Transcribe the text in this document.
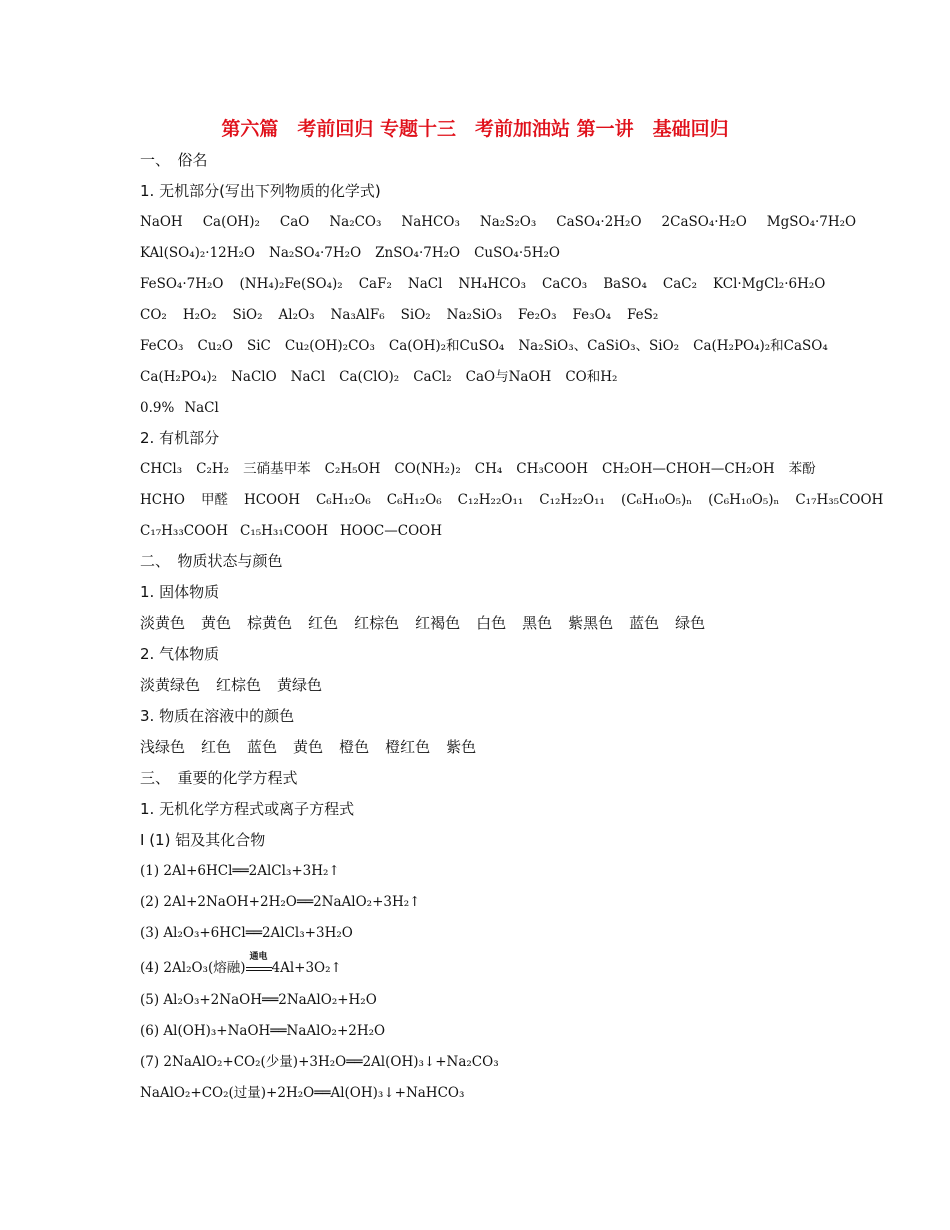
第六篇　考前回归 专题十三　考前加油站 第一讲　基础回归
一、　俗名
1. 无机部分(写出下列物质的化学式)
NaOH Ca(OH)₂ CaO Na₂CO₃ NaHCO₃ Na₂S₂O₃ CaSO₄·2H₂O 2CaSO₄·H₂O MgSO₄·7H₂O
KAl(SO₄)₂·12H₂O Na₂SO₄·7H₂O ZnSO₄·7H₂O CuSO₄·5H₂O
FeSO₄·7H₂O (NH₄)₂Fe(SO₄)₂ CaF₂ NaCl NH₄HCO₃ CaCO₃ BaSO₄ CaC₂ KCl·MgCl₂·6H₂O
CO₂ H₂O₂ SiO₂ Al₂O₃ Na₃AlF₆ SiO₂ Na₂SiO₃ Fe₂O₃ Fe₃O₄ FeS₂
FeCO₃ Cu₂O SiC Cu₂(OH)₂CO₃ Ca(OH)₂和CuSO₄ Na₂SiO₃、CaSiO₃、SiO₂ Ca(H₂PO₄)₂和CaSO₄
Ca(H₂PO₄)₂ NaClO NaCl Ca(ClO)₂ CaCl₂ CaO与NaOH CO和H₂
0.9% NaCl
2. 有机部分
CHCl₃ C₂H₂ 三硝基甲苯 C₂H₅OH CO(NH₂)₂ CH₄ CH₃COOH CH₂OH—CHOH—CH₂OH 苯酚
HCHO 甲醛 HCOOH C₆H₁₂O₆ C₆H₁₂O₆ C₁₂H₂₂O₁₁ C₁₂H₂₂O₁₁ (C₆H₁₀O₅)ₙ (C₆H₁₀O₅)ₙ C₁₇H₃₅COOH
C₁₇H₃₃COOH C₁₅H₃₁COOH HOOC—COOH
二、　物质状态与颜色
1. 固体物质
淡黄色 黄色 棕黄色 红色 红棕色 红褐色 白色 黑色 紫黑色 蓝色 绿色
2. 气体物质
淡黄绿色 红棕色 黄绿色
3. 物质在溶液中的颜色
浅绿色 红色 蓝色 黄色 橙色 橙红色 紫色
三、　重要的化学方程式
1. 无机化学方程式或离子方程式
Ⅰ (1) 铝及其化合物
(1) 2Al+6HCl══2AlCl₃+3H₂↑
(2) 2Al+2NaOH+2H₂O══2NaAlO₂+3H₂↑
(3) Al₂O₃+6HCl══2AlCl₃+3H₂O
(4) 2Al₂O₃(熔融)
通电
4Al+3O₂↑
(5) Al₂O₃+2NaOH══2NaAlO₂+H₂O
(6) Al(OH)₃+NaOH══NaAlO₂+2H₂O
(7) 2NaAlO₂+CO₂(少量)+3H₂O══2Al(OH)₃↓+Na₂CO₃
NaAlO₂+CO₂(过量)+2H₂O══Al(OH)₃↓+NaHCO₃
